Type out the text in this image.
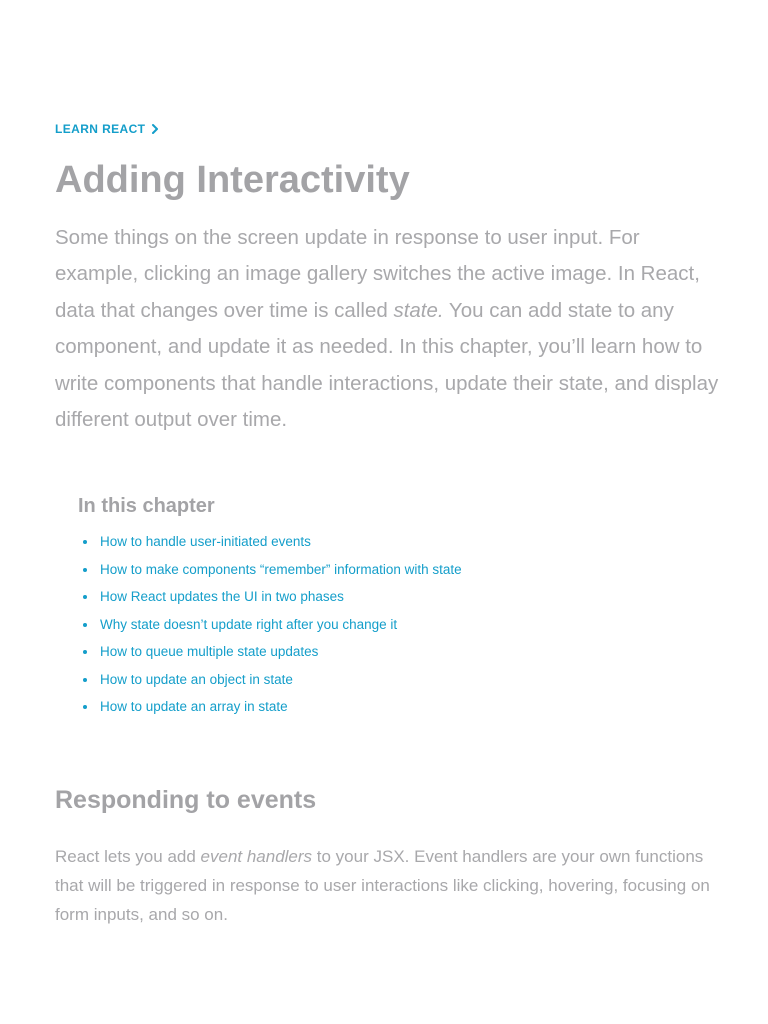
LEARN REACT
Adding Interactivity

Some things on the screen update in response to user input. For example, clicking an image gallery switches the active image. In React, data that changes over time is called state. You can add state to any component, and update it as needed. In this chapter, you’ll learn how to write components that handle interactions, update their state, and display different output over time.

In this chapter
How to handle user-initiated events
How to make components “remember” information with state
How React updates the UI in two phases
Why state doesn’t update right after you change it
How to queue multiple state updates
How to update an object in state
How to update an array in state
Responding to events

React lets you add event handlers to your JSX. Event handlers are your own functions that will be triggered in response to user interactions like clicking, hovering, focusing on form inputs, and so on.
